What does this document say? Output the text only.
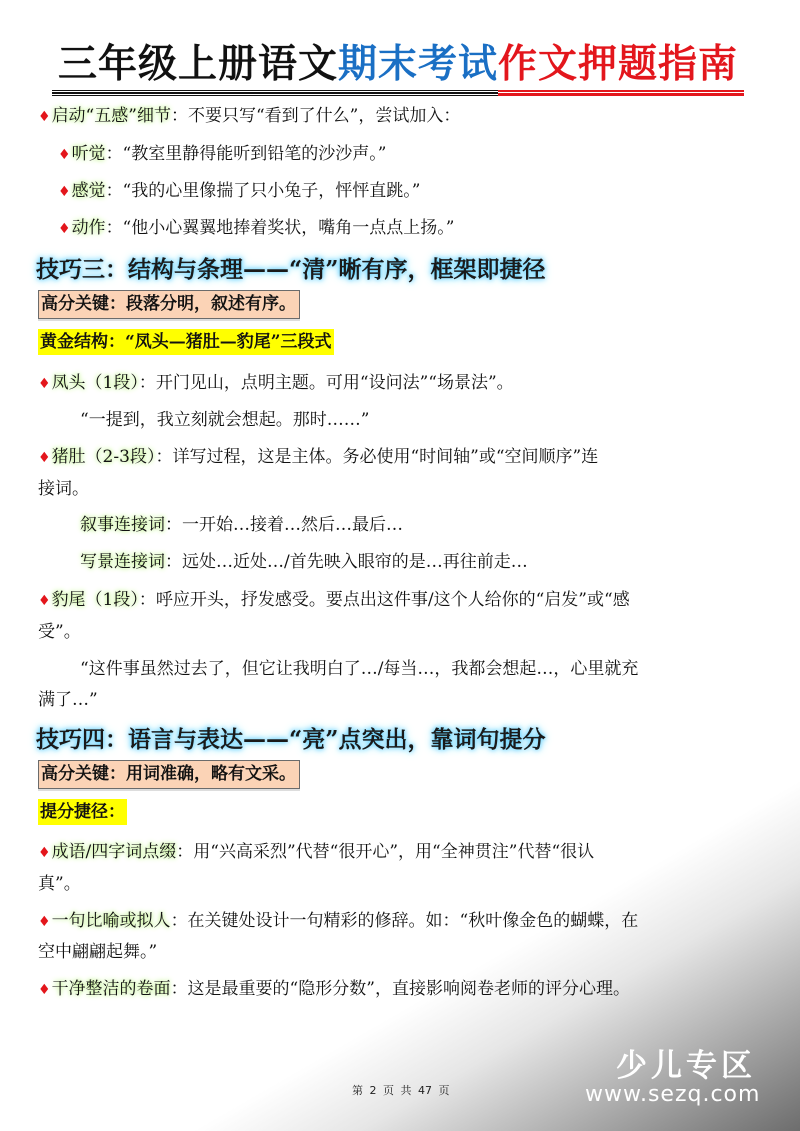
三年级上册语文期末考试作文押题指南
♦启动“五感”细节：不要只写“看到了什么”，尝试加入：
♦听觉：“教室里静得能听到铅笔的沙沙声。”
♦感觉：“我的心里像揣了只小兔子，怦怦直跳。”
♦动作：“他小心翼翼地捧着奖状，嘴角一点点上扬。”
技巧三：结构与条理——“清”晰有序，框架即捷径
高分关键：段落分明，叙述有序。
黄金结构：“凤头—猪肚—豹尾”三段式
♦凤头（1段）：开门见山，点明主题。可用“设问法”“场景法”。
“一提到，我立刻就会想起。那时……”
♦猪肚（2-3段）：详写过程，这是主体。务必使用“时间轴”或“空间顺序”连
接词。
叙事连接词：一开始…接着…然后…最后…
写景连接词：远处…近处…/首先映入眼帘的是…再往前走…
♦豹尾（1段）：呼应开头，抒发感受。要点出这件事/这个人给你的“启发”或“感
受”。
“这件事虽然过去了，但它让我明白了…/每当…，我都会想起…，心里就充
满了…”
技巧四：语言与表达——“亮”点突出，靠词句提分
高分关键：用词准确，略有文采。
提分捷径：
♦成语/四字词点缀：用“兴高采烈”代替“很开心”，用“全神贯注”代替“很认
真”。
♦一句比喻或拟人：在关键处设计一句精彩的修辞。如：“秋叶像金色的蝴蝶，在
空中翩翩起舞。”
♦干净整洁的卷面：这是最重要的“隐形分数”，直接影响阅卷老师的评分心理。
第 2 页 共 47 页
少儿专区
www.sezq.com
